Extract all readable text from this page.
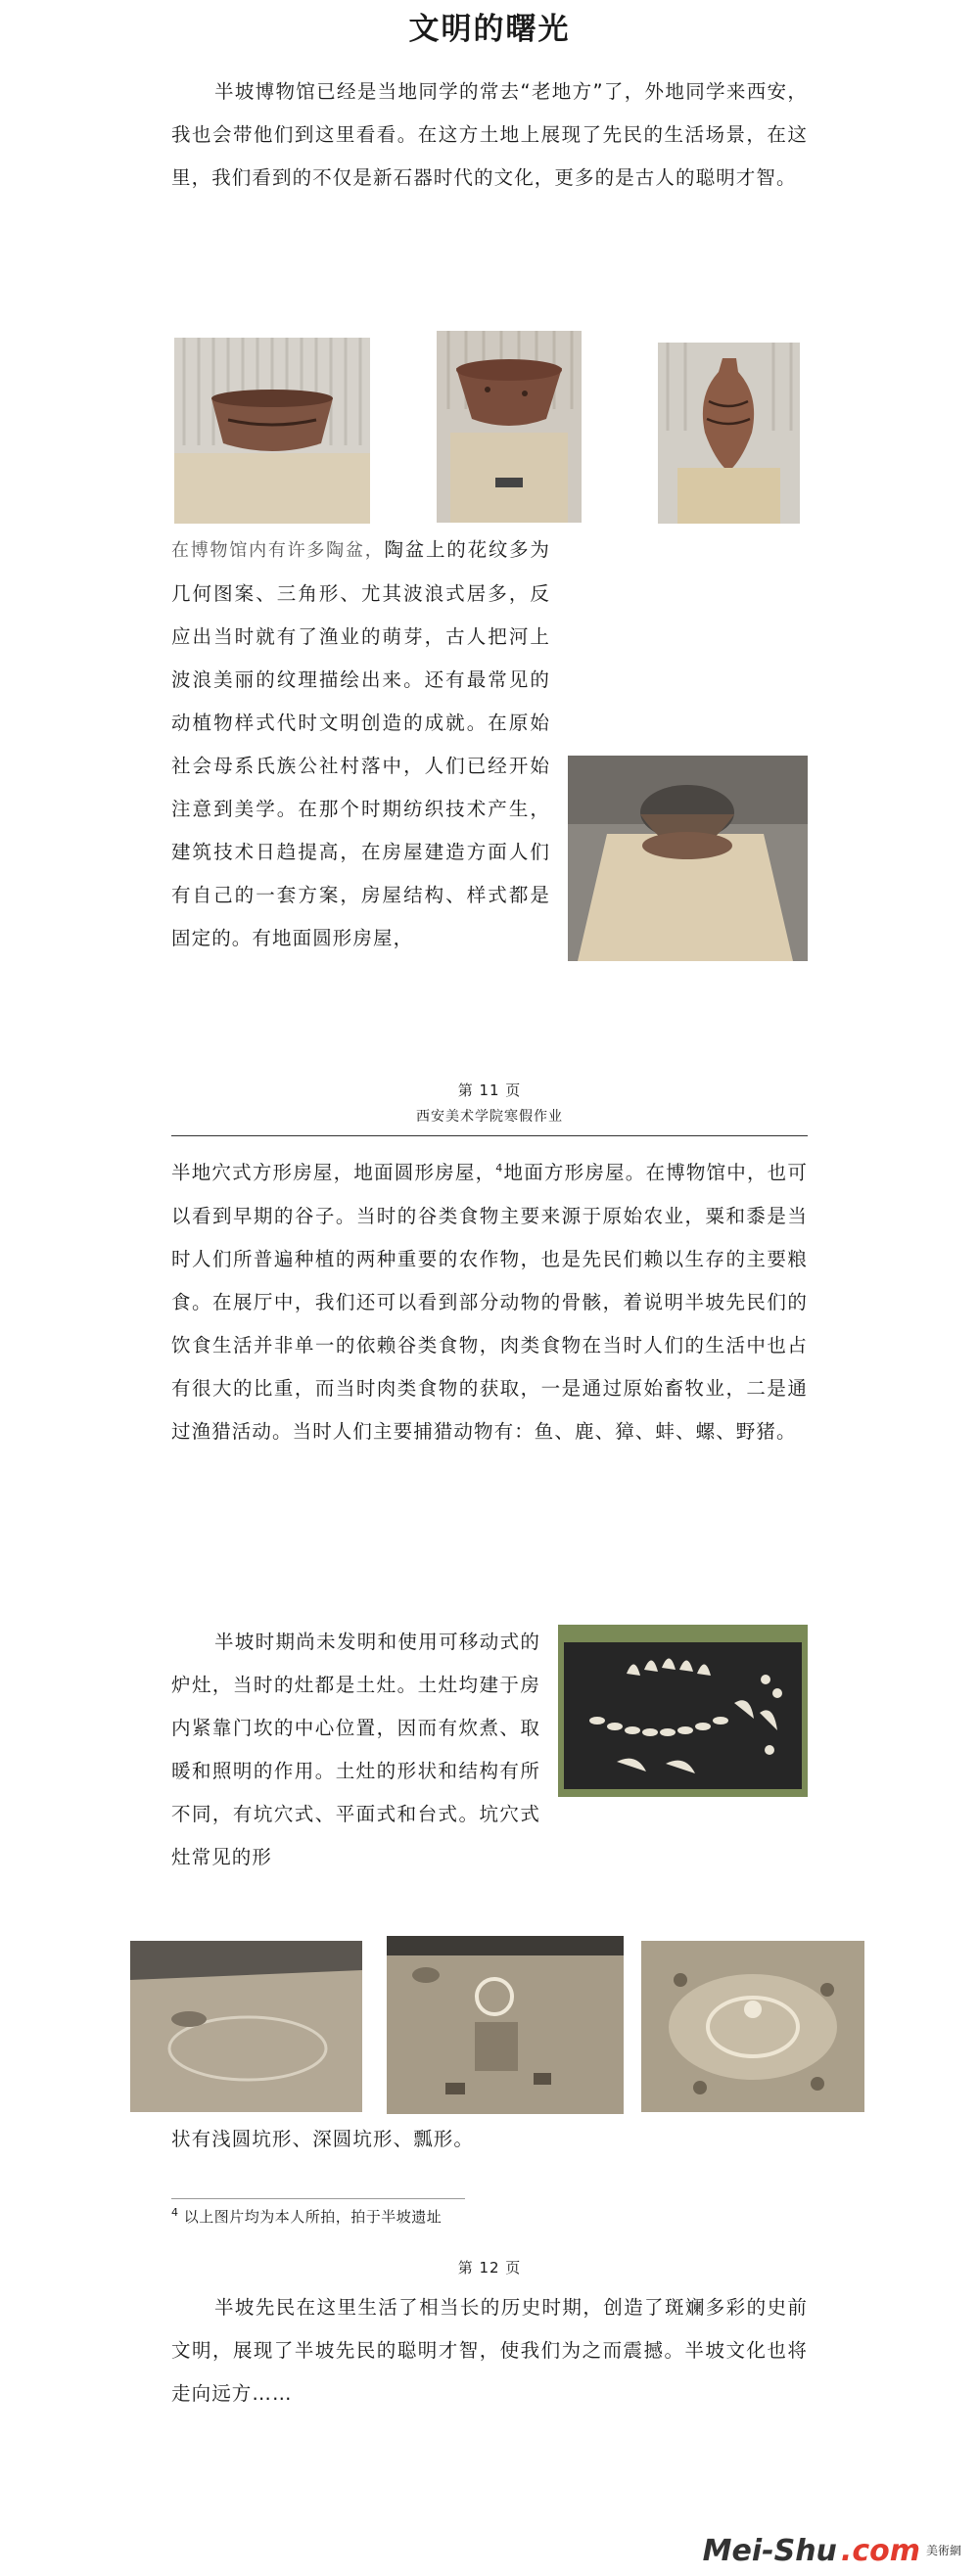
文明的曙光

半坡博物馆已经是当地同学的常去“老地方”了，外地同学来西安，我也会带他们到这里看看。在这方土地上展现了先民的生活场景，在这里，我们看到的不仅是新石器时代的文化，更多的是古人的聪明才智。

在博物馆内有许多陶盆，陶盆上的花纹多为几何图案、三角形、尤其波浪式居多，反应出当时就有了渔业的萌芽，古人把河上波浪美丽的纹理描绘出来。还有最常见的动植物样式代时文明创造的成就。在原始社会母系氏族公社村落中，人们已经开始注意到美学。在那个时期纺织技术产生，建筑技术日趋提高，在房屋建造方面人们有自己的一套方案，房屋结构、样式都是固定的。有地面圆形房屋，
第 11 页
西安美术学院寒假作业

半地穴式方形房屋，地面圆形房屋，$^4$地面方形房屋。在博物馆中，也可以看到早期的谷子。当时的谷类食物主要来源于原始农业，粟和黍是当时人们所普遍种植的两种重要的农作物，也是先民们赖以生存的主要粮食。在展厅中，我们还可以看到部分动物的骨骸，着说明半坡先民们的饮食生活并非单一的依赖谷类食物，肉类食物在当时人们的生活中也占有很大的比重，而当时肉类食物的获取，一是通过原始畜牧业，二是通过渔猎活动。当时人们主要捕猎动物有：鱼、鹿、獐、蚌、螺、野猪。

半坡时期尚未发明和使用可移动式的炉灶，当时的灶都是土灶。土灶均建于房内紧靠门坎的中心位置，因而有炊煮、取暖和照明的作用。土灶的形状和结构有所不同，有坑穴式、平面式和台式。坑穴式灶常见的形

状有浅圆坑形、深圆坑形、瓢形。

$^4$ 以上图片均为本人所拍，拍于半坡遗址
第 12 页

半坡先民在这里生活了相当长的历史时期，创造了斑斓多彩的史前文明，展现了半坡先民的聪明才智，使我们为之而震撼。半坡文化也将走向远方……

Mei-Shu .com 美術網
